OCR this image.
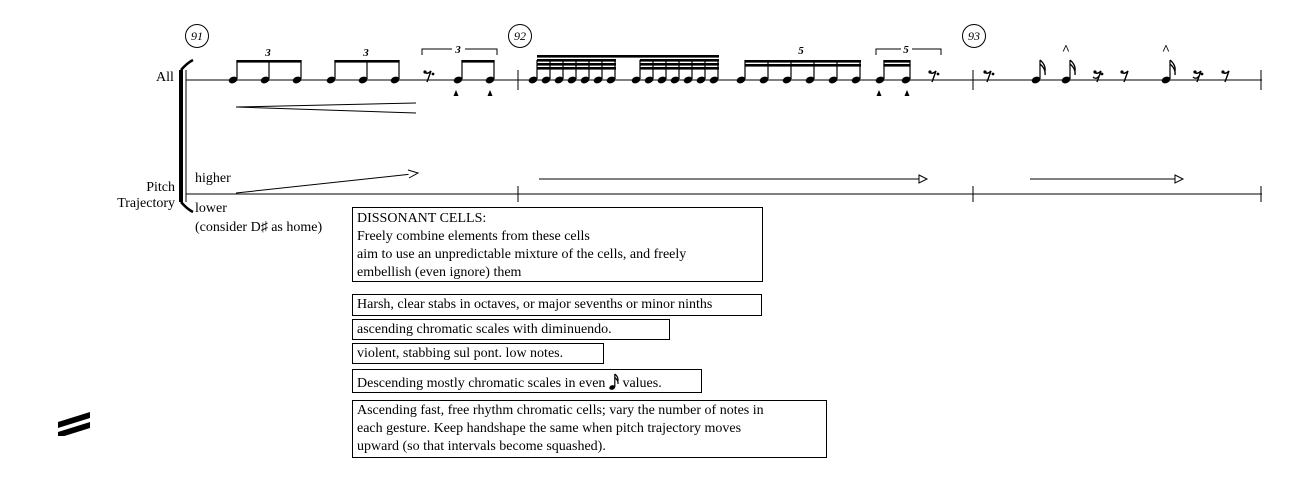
3	3	3	5	5	^	^
91	92	93
All
Pitch
Trajectory
higher
lower
(consider D♯ as home)
DISSONANT CELLS:
Freely combine elements from these cells
aim to use an unpredictable mixture of the cells, and freely
embellish (even ignore) them
Harsh, clear stabs in octaves, or major sevenths or minor ninths
ascending chromatic scales with diminuendo.
violent, stabbing sul pont. low notes.
Descending mostly chromatic scales in even  values.
Ascending fast, free rhythm chromatic cells; vary the number of notes in
each gesture. Keep handshape the same when pitch trajectory moves
upward (so that intervals become squashed).
